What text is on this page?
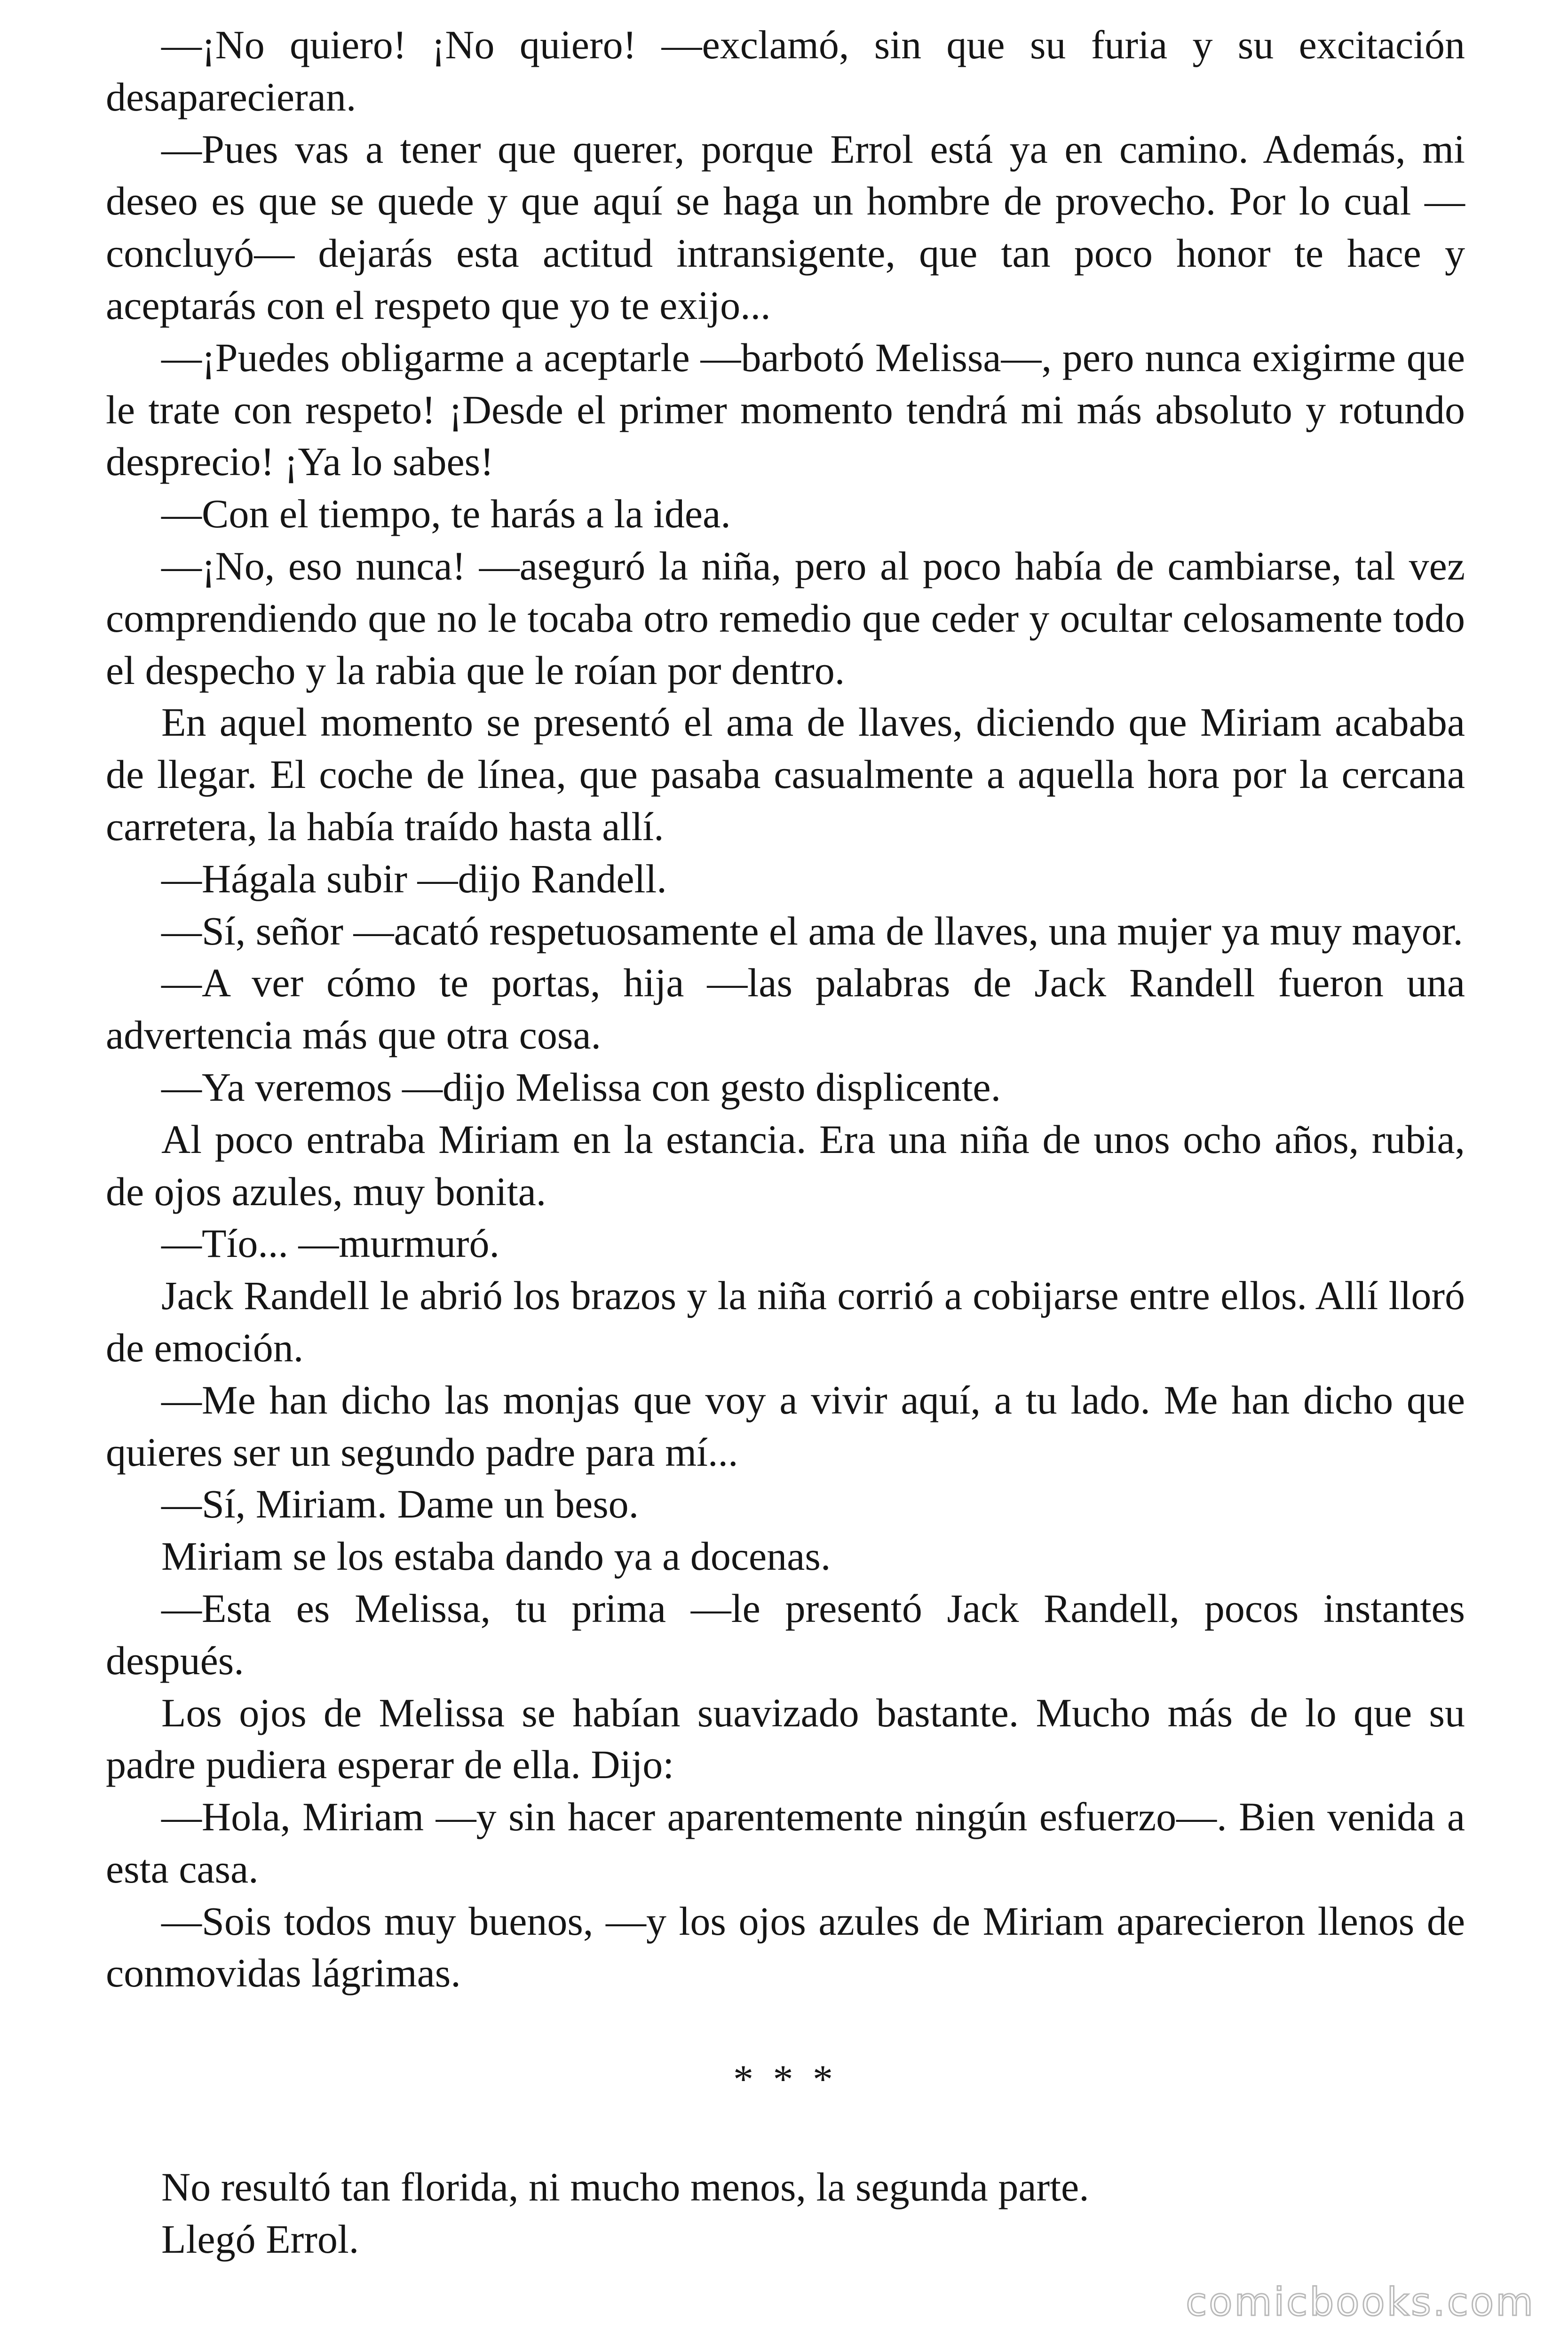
—¡No quiero! ¡No quiero! —exclamó, sin que su furia y su excitación desaparecieran.

—Pues vas a tener que querer, porque Errol está ya en camino. Además, mi deseo es que se quede y que aquí se haga un hombre de provecho. Por lo cual —concluyó— dejarás esta actitud intransigente, que tan poco honor te hace y aceptarás con el respeto que yo te exijo...

—¡Puedes obligarme a aceptarle —barbotó Melissa—, pero nunca exigirme que le trate con respeto! ¡Desde el primer momento tendrá mi más absoluto y rotundo desprecio! ¡Ya lo sabes!

—Con el tiempo, te harás a la idea.

—¡No, eso nunca! —aseguró la niña, pero al poco había de cambiarse, tal vez comprendiendo que no le tocaba otro remedio que ceder y ocultar celosamente todo el despecho y la rabia que le roían por dentro.

En aquel momento se presentó el ama de llaves, diciendo que Miriam acababa de llegar. El coche de línea, que pasaba casualmente a aquella hora por la cercana carretera, la había traído hasta allí.

—Hágala subir —dijo Randell.

—Sí, señor —acató respetuosamente el ama de llaves, una mujer ya muy mayor.

—A ver cómo te portas, hija —las palabras de Jack Randell fueron una advertencia más que otra cosa.

—Ya veremos —dijo Melissa con gesto displicente.

Al poco entraba Miriam en la estancia. Era una niña de unos ocho años, rubia, de ojos azules, muy bonita.

—Tío... —murmuró.

Jack Randell le abrió los brazos y la niña corrió a cobijarse entre ellos. Allí lloró de emoción.

—Me han dicho las monjas que voy a vivir aquí, a tu lado. Me han dicho que quieres ser un segundo padre para mí...

—Sí, Miriam. Dame un beso.

Miriam se los estaba dando ya a docenas.

—Esta es Melissa, tu prima —le presentó Jack Randell, pocos instantes después.

Los ojos de Melissa se habían suavizado bastante. Mucho más de lo que su padre pudiera esperar de ella. Dijo:

—Hola, Miriam —y sin hacer aparentemente ningún esfuerzo—. Bien venida a esta casa.

—Sois todos muy buenos, —y los ojos azules de Miriam aparecieron llenos de conmovidas lágrimas.

* * *

No resultó tan florida, ni mucho menos, la segunda parte.

Llegó Errol.

comicbooks.com
